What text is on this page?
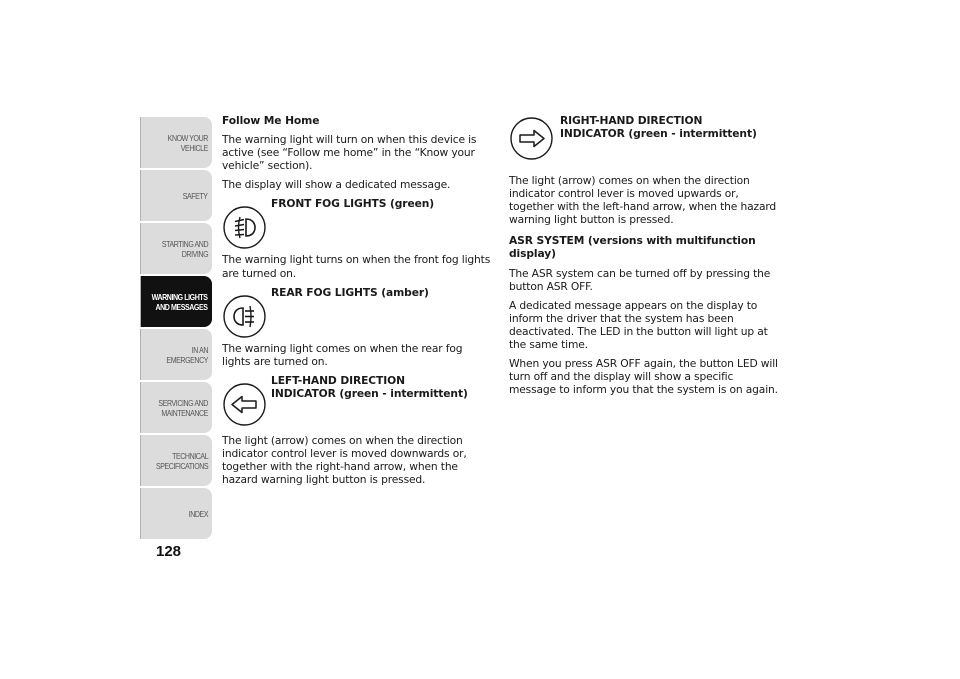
KNOW YOUR
VEHICLE
SAFETY
STARTING AND
DRIVING
WARNING LIGHTS
AND MESSAGES
IN AN EMERGENCY
SERVICING AND
MAINTENANCE
TECHNICAL
SPECIFICATIONS
INDEX
128

Follow Me Home

The warning light will turn on when this device is active (see “Follow me home” in the “Know your vehicle” section).

The display will show a dedicated message.

FRONT FOG LIGHTS (green)

The warning light turns on when the front fog lights are turned on.

REAR FOG LIGHTS (amber)

The warning light comes on when the rear fog lights are turned on.

LEFT-HAND DIRECTION

INDICATOR (green - intermittent)

The light (arrow) comes on when the direction indicator control lever is moved downwards or, together with the right-hand arrow, when the hazard warning light button is pressed.

RIGHT-HAND DIRECTION

INDICATOR (green - intermittent)

The light (arrow) comes on when the direction indicator control lever is moved upwards or, together with the left-hand arrow, when the hazard warning light button is pressed.

ASR SYSTEM (versions with multifunction display)

The ASR system can be turned off by pressing the button ASR OFF.

A dedicated message appears on the display to inform the driver that the system has been deactivated. The LED in the button will light up at the same time.

When you press ASR OFF again, the button LED will turn off and the display will show a specific message to inform you that the system is on again.
